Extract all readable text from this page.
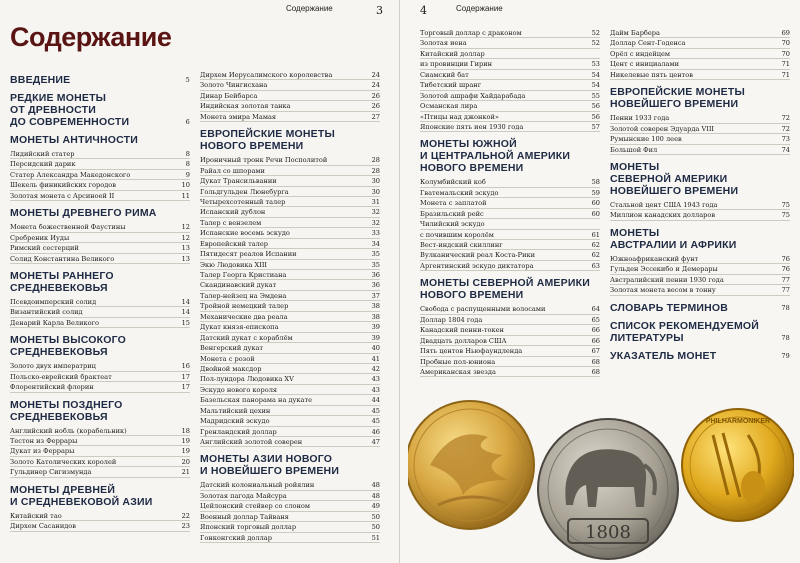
Содержание	3
Содержание
ВВЕДЕНИЕ	5
РЕДКИЕ МОНЕТЫ
ОТ ДРЕВНОСТИ
ДО СОВРЕМЕННОСТИ	6
МОНЕТЫ АНТИЧНОСТИ
Лидийский статер	8
Персидский дарик	8
Статер Александра Македонского	9
Шекель финикийских городов	10
Золотая монета с Арсиноей II	11
МОНЕТЫ ДРЕВНЕГО РИМА
Монета божественной Фаустины	12
Сребреник Иуды	12
Римский сестерций	13
Солид Константина Великого	13
МОНЕТЫ РАННЕГО
СРЕДНЕВЕКОВЬЯ
Псевдоимперский солид	14
Византийский солид	14
Денарий Карла Великого	15
МОНЕТЫ ВЫСОКОГО
СРЕДНЕВЕКОВЬЯ
Золото двух императриц	16
Польско-еврейский брактеат	17
Флорентийский флорин	17
МОНЕТЫ ПОЗДНЕГО
СРЕДНЕВЕКОВЬЯ
Английский нобль (корабельник)	18
Тестон из Феррары	19
Дукат из Феррары	19
Золото Католических королей	20
Гульдинер Сигизмунда	21
МОНЕТЫ ДРЕВНЕЙ
И СРЕДНЕВЕКОВОЙ АЗИИ
Китайский тао	22
Дирхем Сасанидов	23
Дирхем Иерусалимского королевства	24
Золото Чингисхана	24
Динар Бейбарса	26
Индийская золотая танка	26
Монета эмира Мамая	27
ЕВРОПЕЙСКИЕ МОНЕТЫ
НОВОГО ВРЕМЕНИ
Ироничный тронк Речи Посполитой	28
Райал со шпорами	28
Дукат Трансильвании	30
Гольдгульден Люнебурга	30
Четырехсотенный талер	31
Испанский дублон	32
Талер с вензелем	32
Испанские восемь эскудо	33
Европейский талер	34
Пятидесят реалов Испании	35
Экю Людовика XIII	35
Талер Георга Кристиана	36
Скандинавский дукат	36
Талер-нейзец на Эмдена	37
Тройной немецкий талер	38
Механические два реала	38
Дукат князя-епископа	39
Датский дукат с кораблём	39
Венгерский дукат	40
Монета с розой	41
Двойной максдор	42
Пол-луидора Людовика XV	43
Эскудо нового короля	43
Базельская панорама на дукате	44
Мальтийский цехин	45
Мадридский эскудо	45
Гренландский доллар	46
Английский золотой соверен	47
МОНЕТЫ АЗИИ НОВОГО
И НОВЕЙШЕГО ВРЕМЕНИ
Датский колониальный ройялин	48
Золотая пагода Майсура	48
Цейлонский стейвер со слоном	49
Военный доллар Тайваня	50
Японский торговый доллар	50
Гонконгский доллар	51
4	Содержание
Торговый доллар с драконом	52
Золотая иена	52
Китайский доллар
из провинции Гирин	53
Сиамский бат	54
Тибетский шранг	54
Золотой ашрафи Хайдарабада	55
Османская лира	56
«Птицы над джонкой»	56
Японские пять иен 1930 года	57
МОНЕТЫ ЮЖНОЙ
И ЦЕНТРАЛЬНОЙ АМЕРИКИ
НОВОГО ВРЕМЕНИ
Колумбийский коб	58
Гватемальский эскудо	59
Монета с заплатой	60
Бразильский рейс	60
Чилийский эскудо
с почившим королём	61
Вест-индский скиллинг	62
Вулканический реал Коста-Рики	62
Аргентинский эскудо диктатора	63
МОНЕТЫ СЕВЕРНОЙ АМЕРИКИ
НОВОГО ВРЕМЕНИ
Свобода с распущенными волосами	64
Доллар 1804 года	65
Канадский пенни-токен	66
Двадцать долларов США	66
Пять центов Ньюфаундленда	67
Пробные пол-юниона	68
Американская звезда	68
Дайм Барбера	69
Доллар Сент-Годенса	70
Орёл с индейцем	70
Цент с инициалами	71
Никелевые пять центов	71
ЕВРОПЕЙСКИЕ МОНЕТЫ
НОВЕЙШЕГО ВРЕМЕНИ
Пенни 1933 года	72
Золотой соверен Эдуарда VIII	72
Румынские 100 леев	73
Большой Фил	74
МОНЕТЫ
СЕВЕРНОЙ АМЕРИКИ
НОВЕЙШЕГО ВРЕМЕНИ
Стальной цент США 1943 года	75
Миллион канадских долларов	75
МОНЕТЫ
АВСТРАЛИИ И АФРИКИ
Южноафриканский фунт	76
Гульден Эссекибо и Демерары	76
Австралийский пенни 1930 года	77
Золотая монета весом в тонну	77
СЛОВАРЬ ТЕРМИНОВ	78
СПИСОК РЕКОМЕНДУЕМОЙ
ЛИТЕРАТУРЫ	78
УКАЗАТЕЛЬ МОНЕТ	79
1808
PHILHARMONIKER
